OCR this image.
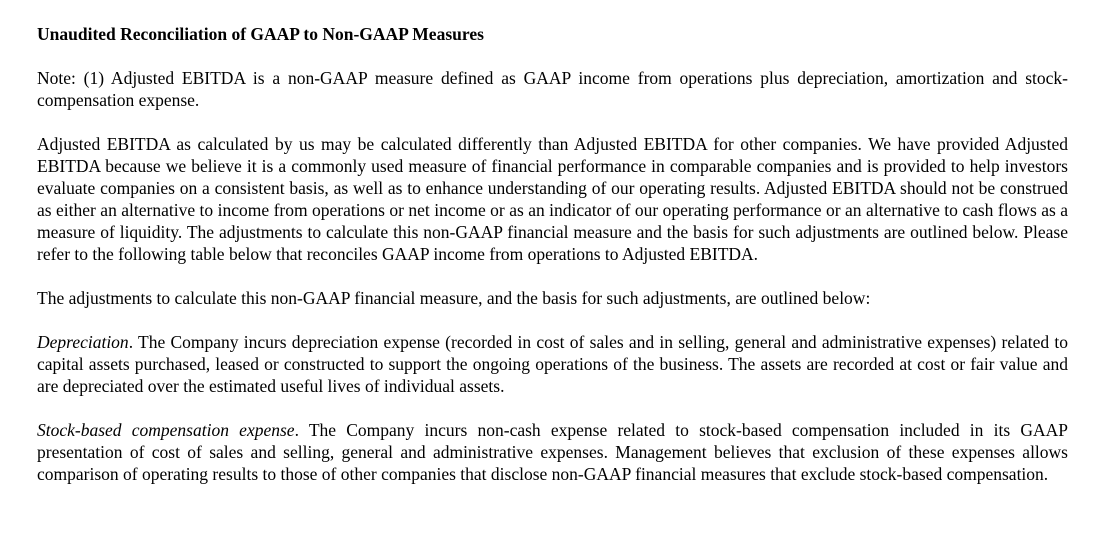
Unaudited Reconciliation of GAAP to Non-GAAP Measures

Note: (1) Adjusted EBITDA is a non-GAAP measure defined as GAAP income from operations plus depreciation, amortization and stock-compensation expense.

Adjusted EBITDA as calculated by us may be calculated differently than Adjusted EBITDA for other companies. We have provided Adjusted EBITDA because we believe it is a commonly used measure of financial performance in comparable companies and is provided to help investors evaluate companies on a consistent basis, as well as to enhance understanding of our operating results. Adjusted EBITDA should not be construed as either an alternative to income from operations or net income or as an indicator of our operating performance or an alternative to cash flows as a measure of liquidity. The adjustments to calculate this non-GAAP financial measure and the basis for such adjustments are outlined below. Please refer to the following table below that reconciles GAAP income from operations to Adjusted EBITDA.

The adjustments to calculate this non-GAAP financial measure, and the basis for such adjustments, are outlined below:

Depreciation. The Company incurs depreciation expense (recorded in cost of sales and in selling, general and administrative expenses) related to capital assets purchased, leased or constructed to support the ongoing operations of the business. The assets are recorded at cost or fair value and are depreciated over the estimated useful lives of individual assets.

Stock-based compensation expense. The Company incurs non-cash expense related to stock-based compensation included in its GAAP presentation of cost of sales and selling, general and administrative expenses. Management believes that exclusion of these expenses allows comparison of operating results to those of other companies that disclose non-GAAP financial measures that exclude stock-based compensation.
